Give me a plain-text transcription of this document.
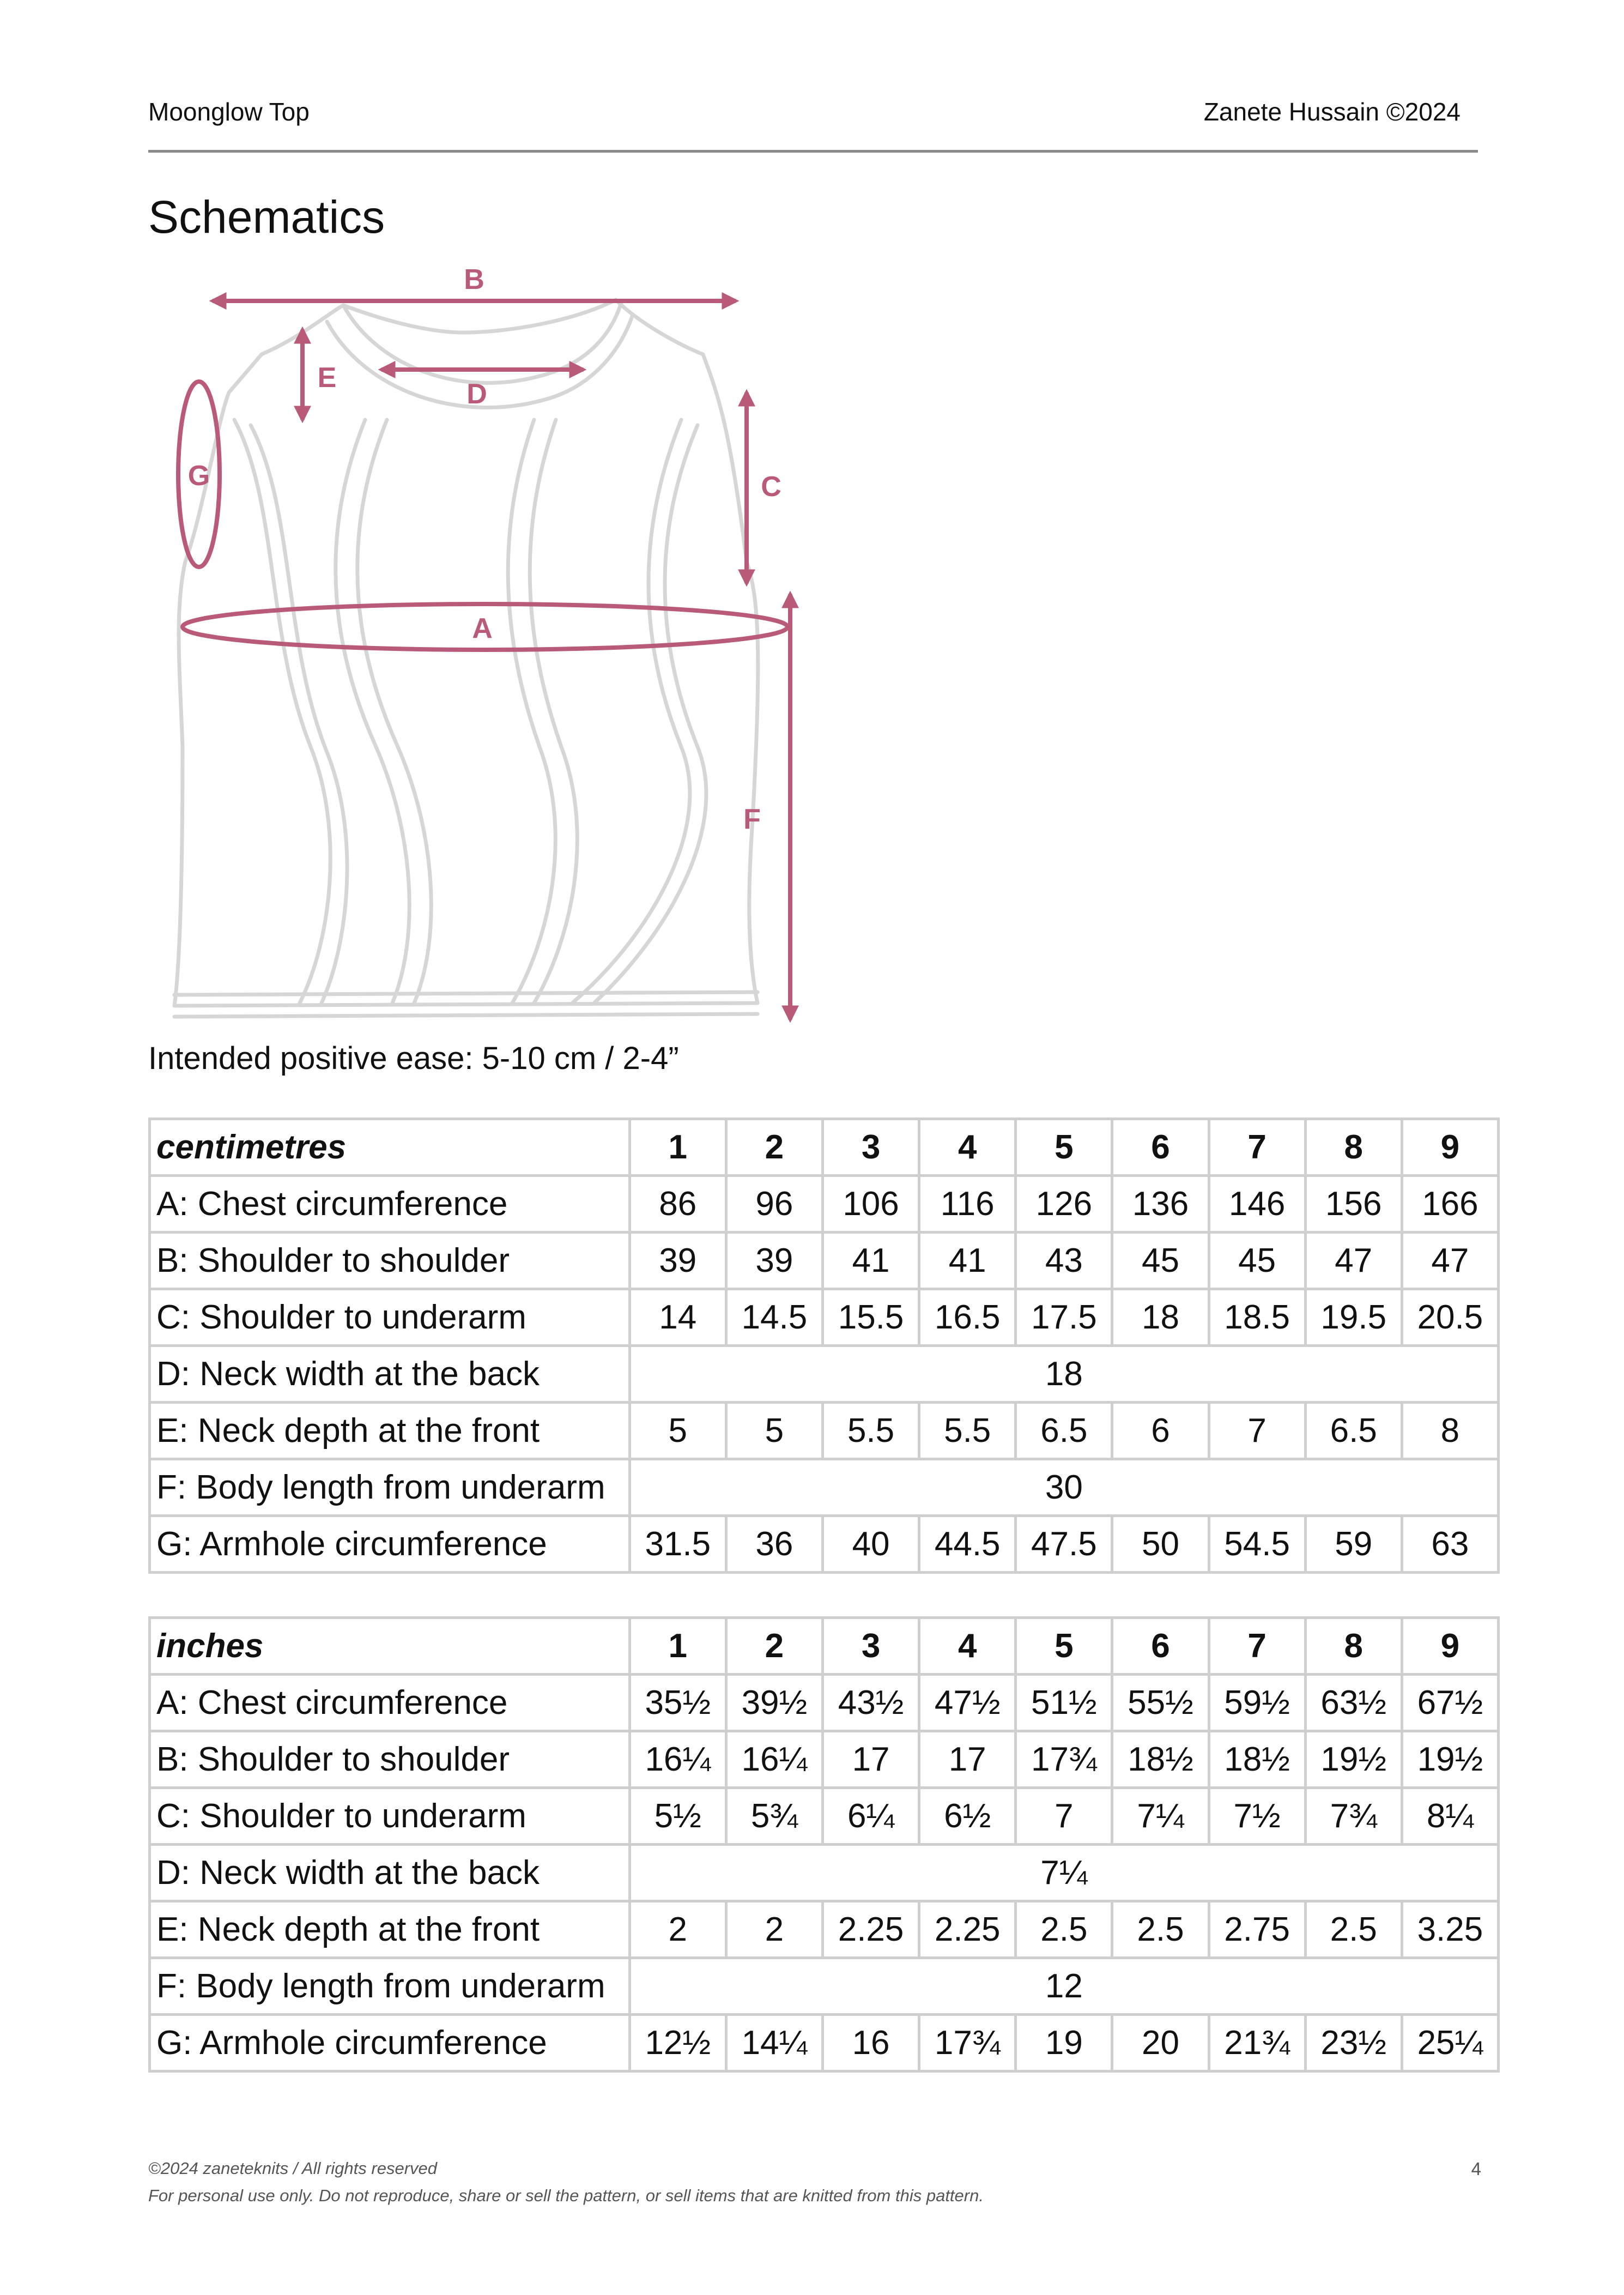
Moonglow Top	Zanete Hussain ©2024
Schematics
B
D
E
C
G
A
F
Intended positive ease: 5-10 cm / 2-4”
centimetres	1	2	3	4	5	6	7	8	9
A: Chest circumference	86	96	106	116	126	136	146	156	166
B: Shoulder to shoulder	39	39	41	41	43	45	45	47	47
C: Shoulder to underarm	14	14.5	15.5	16.5	17.5	18	18.5	19.5	20.5
D: Neck width at the back	18								
E: Neck depth at the front	5	5	5.5	5.5	6.5	6	7	6.5	8
F: Body length from underarm	30								
G: Armhole circumference	31.5	36	40	44.5	47.5	50	54.5	59	63
inches	1	2	3	4	5	6	7	8	9
A: Chest circumference	35½	39½	43½	47½	51½	55½	59½	63½	67½
B: Shoulder to shoulder	16¼	16¼	17	17	17¾	18½	18½	19½	19½
C: Shoulder to underarm	5½	5¾	6¼	6½	7	7¼	7½	7¾	8¼
D: Neck width at the back	7¼								
E: Neck depth at the front	2	2	2.25	2.25	2.5	2.5	2.75	2.5	3.25
F: Body length from underarm	12								
G: Armhole circumference	12½	14¼	16	17¾	19	20	21¾	23½	25¼
©2024 zaneteknits / All rights reserved
For personal use only. Do not reproduce, share or sell the pattern, or sell items that are knitted from this pattern.
4
